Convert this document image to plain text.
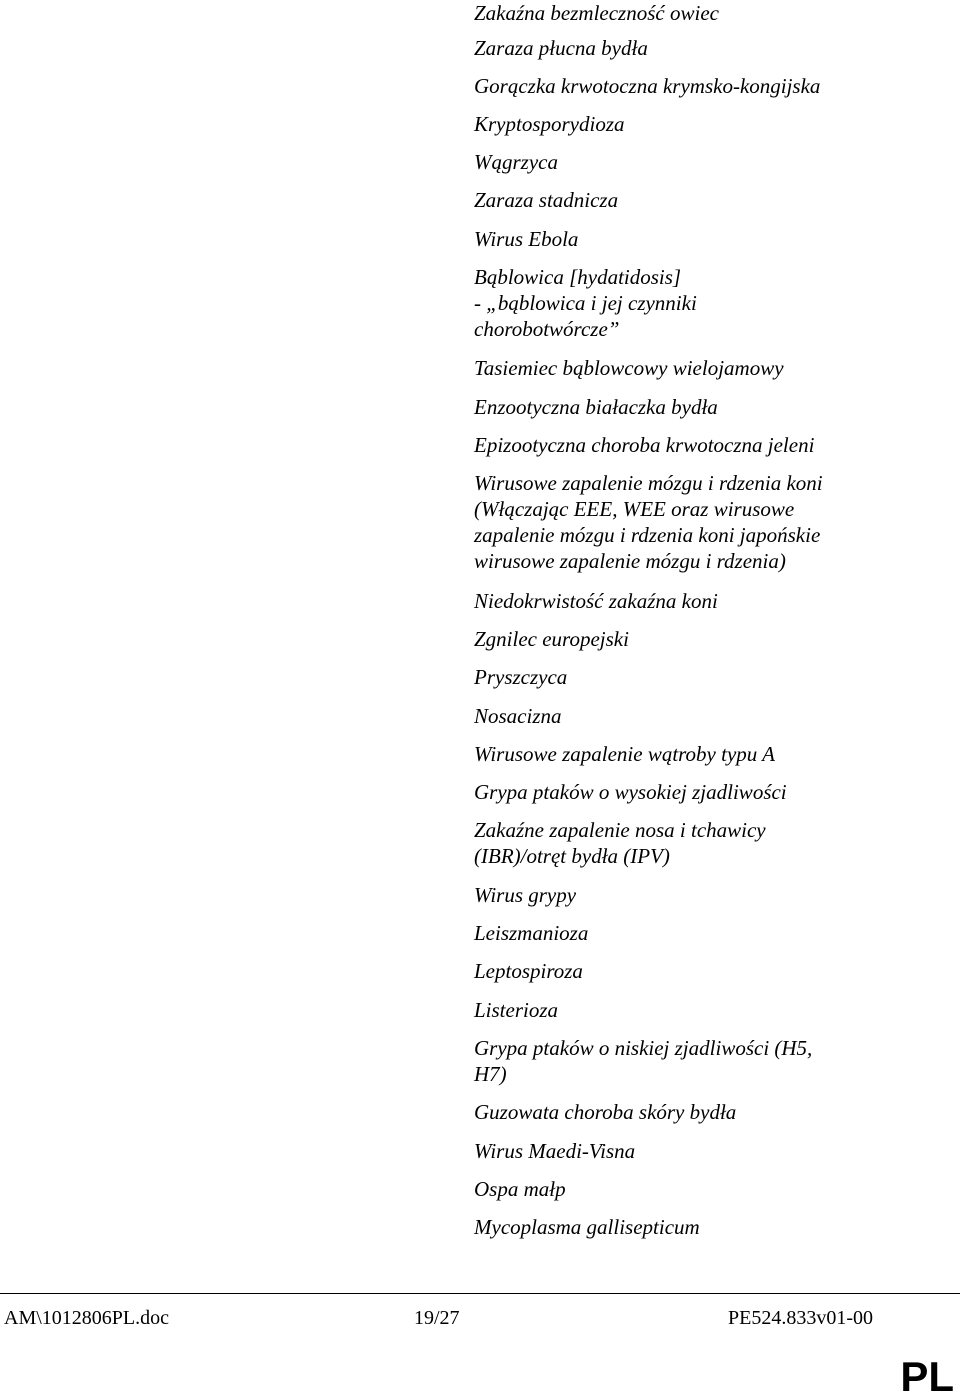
Zakaźna bezmleczność owiec
Zaraza płucna bydła
Gorączka krwotoczna krymsko-kongijska
Kryptosporydioza
Wągrzyca
Zaraza stadnicza
Wirus Ebola
Bąblowica [hydatidosis]
- „bąblowica i jej czynniki
chorobotwórcze”
Tasiemiec bąblowcowy wielojamowy
Enzootyczna białaczka bydła
Epizootyczna choroba krwotoczna jeleni
Wirusowe zapalenie mózgu i rdzenia koni
(Włączając EEE, WEE oraz wirusowe
zapalenie mózgu i rdzenia koni japońskie
wirusowe zapalenie mózgu i rdzenia)
Niedokrwistość zakaźna koni
Zgnilec europejski
Pryszczyca
Nosacizna
Wirusowe zapalenie wątroby typu A
Grypa ptaków o wysokiej zjadliwości
Zakaźne zapalenie nosa i tchawicy
(IBR)/otręt bydła (IPV)
Wirus grypy
Leiszmanioza
Leptospiroza
Listerioza
Grypa ptaków o niskiej zjadliwości (H5,
H7)
Guzowata choroba skóry bydła
Wirus Maedi-Visna
Ospa małp
Mycoplasma gallisepticum
AM\1012806PL.doc	19/27	PE524.833v01-00
PL
